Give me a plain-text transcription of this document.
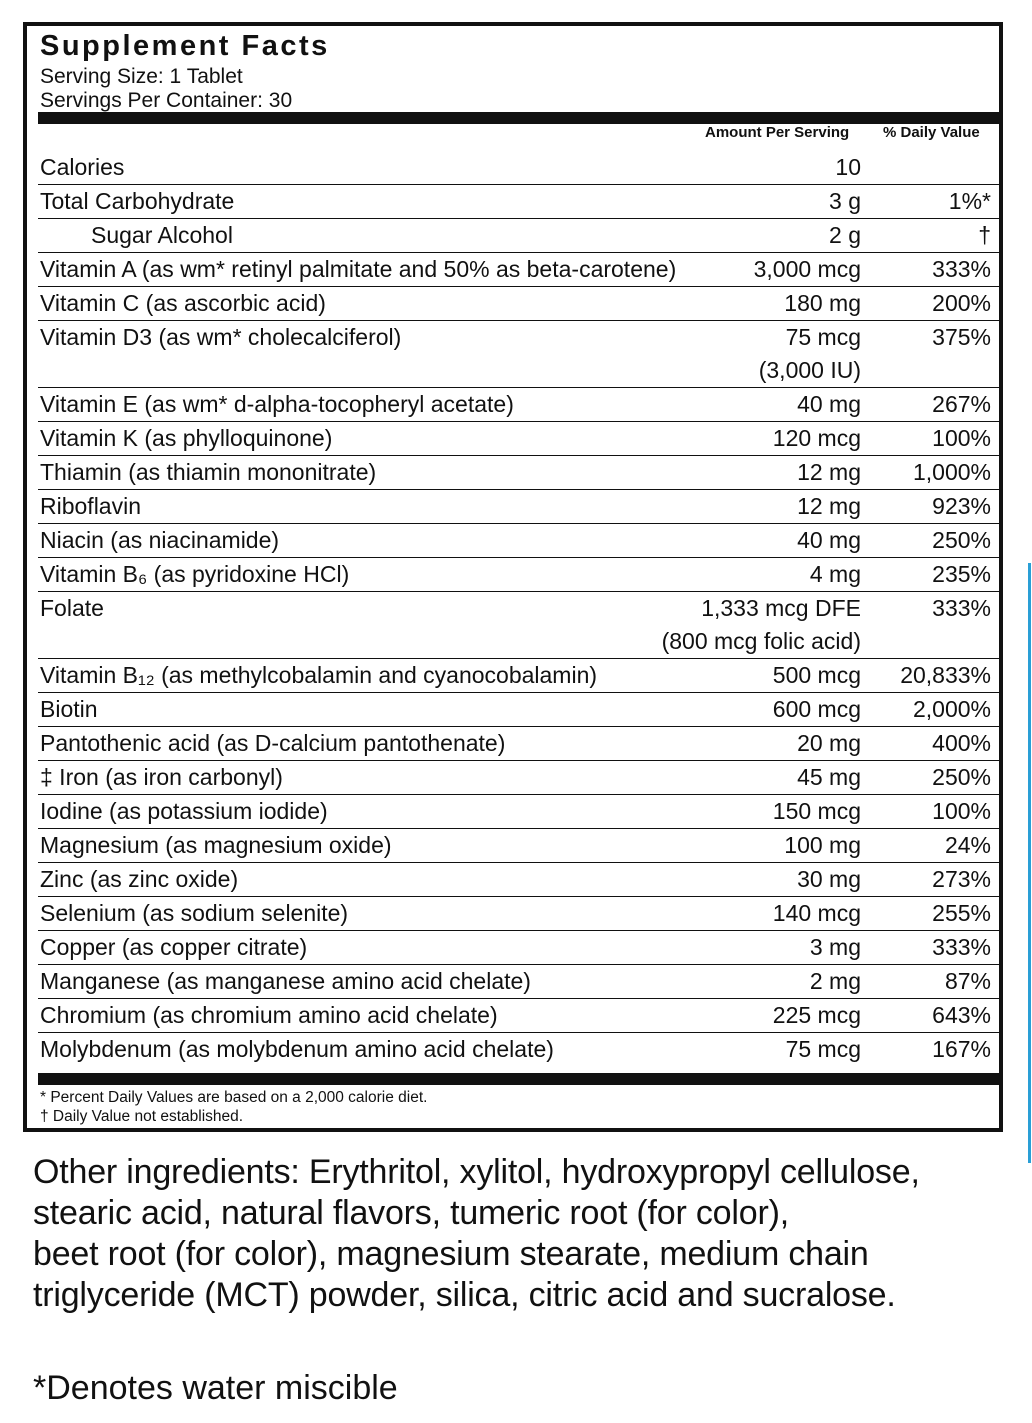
Supplement Facts
Serving Size: 1 Tablet
Servings Per Container: 30
Amount Per Serving % Daily Value
Calories	10
Total Carbohydrate	3 g	1%*
Sugar Alcohol	2 g	†
Vitamin A (as wm* retinyl palmitate and 50% as beta-carotene)	3,000 mcg	333%
Vitamin C (as ascorbic acid)	180 mg	200%
Vitamin D3 (as wm* cholecalciferol)	75 mcg	375%
(3,000 IU)
Vitamin E (as wm* d-alpha-tocopheryl acetate)	40 mg	267%
Vitamin K (as phylloquinone)	120 mcg	100%
Thiamin (as thiamin mononitrate)	12 mg 1,000%
Riboflavin	12 mg	923%
Niacin (as niacinamide)	40 mg	250%
Vitamin B₆ (as pyridoxine HCl)	4 mg	235%
Folate	1,333 mcg DFE	333%
(800 mcg folic acid)
Vitamin B₁₂ (as methylcobalamin and cyanocobalamin)	500 mcg 20,833%
Biotin	600 mcg 2,000%
Pantothenic acid (as D-calcium pantothenate)	20 mg	400%
‡ Iron (as iron carbonyl)	45 mg	250%
Iodine (as potassium iodide)	150 mcg	100%
Magnesium (as magnesium oxide)	100 mg	24%
Zinc (as zinc oxide)	30 mg	273%
Selenium (as sodium selenite)	140 mcg	255%
Copper (as copper citrate)	3 mg	333%
Manganese (as manganese amino acid chelate)	2 mg	87%
Chromium (as chromium amino acid chelate)	225 mcg	643%
Molybdenum (as molybdenum amino acid chelate)	75 mcg	167%
* Percent Daily Values are based on a 2,000 calorie diet.
† Daily Value not established.
Other ingredients: Erythritol, xylitol, hydroxypropyl cellulose,
stearic acid, natural flavors, tumeric root (for color),
beet root (for color), magnesium stearate, medium chain
triglyceride (MCT) powder, silica, citric acid and sucralose.
*Denotes water miscible
